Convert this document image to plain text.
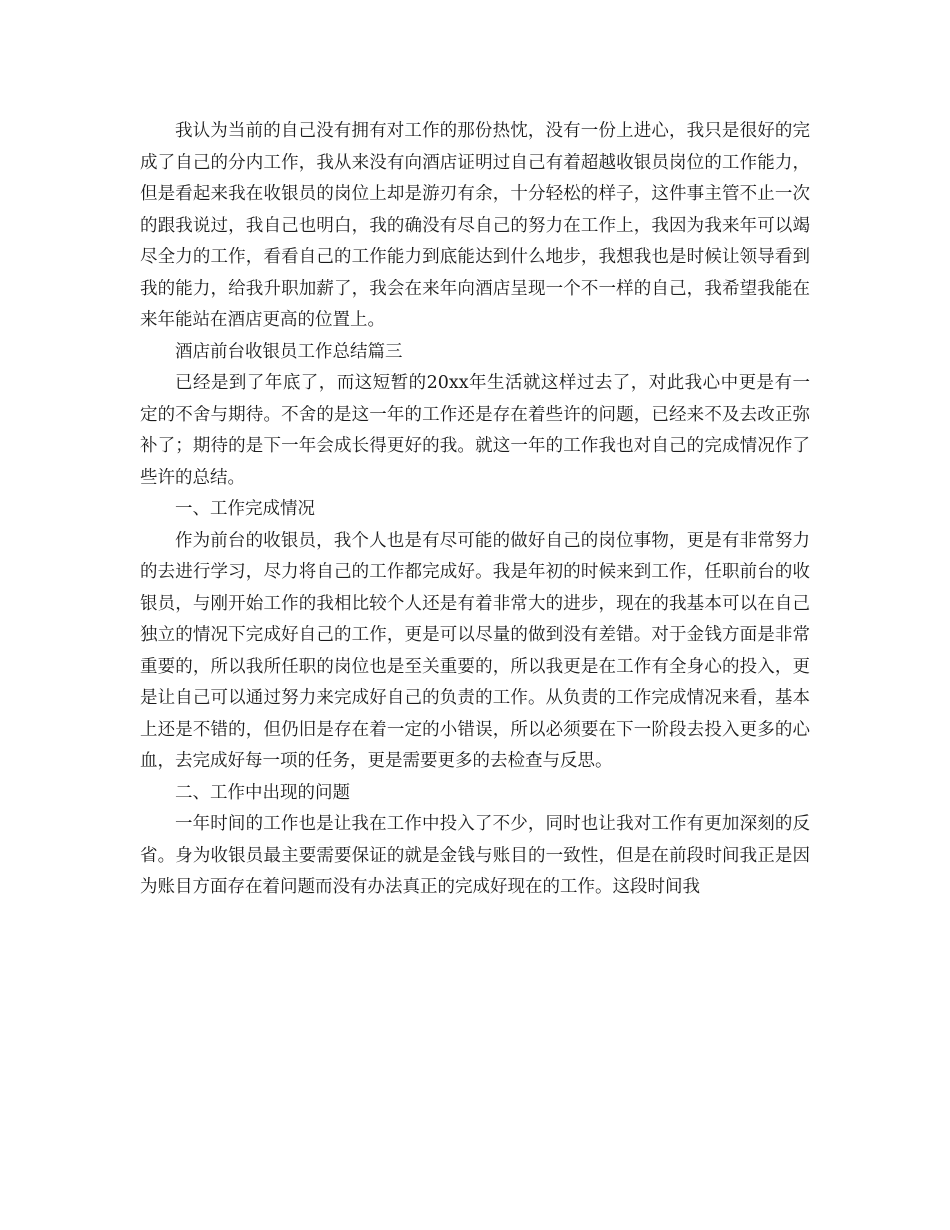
我认为当前的自己没有拥有对工作的那份热忱，没有一份上进心，我只是很好的完成了自己的分内工作，我从来没有向酒店证明过自己有着超越收银员岗位的工作能力，但是看起来我在收银员的岗位上却是游刃有余，十分轻松的样子，这件事主管不止一次的跟我说过，我自己也明白，我的确没有尽自己的努力在工作上，我因为我来年可以竭尽全力的工作，看看自己的工作能力到底能达到什么地步，我想我也是时候让领导看到我的能力，给我升职加薪了，我会在来年向酒店呈现一个不一样的自己，我希望我能在来年能站在酒店更高的位置上。

酒店前台收银员工作总结篇三

已经是到了年底了，而这短暂的20xx年生活就这样过去了，对此我心中更是有一定的不舍与期待。不舍的是这一年的工作还是存在着些许的问题，已经来不及去改正弥补了；期待的是下一年会成长得更好的我。就这一年的工作我也对自己的完成情况作了些许的总结。

一、工作完成情况

作为前台的收银员，我个人也是有尽可能的做好自己的岗位事物，更是有非常努力的去进行学习，尽力将自己的工作都完成好。我是年初的时候来到工作，任职前台的收银员，与刚开始工作的我相比较个人还是有着非常大的进步，现在的我基本可以在自己独立的情况下完成好自己的工作，更是可以尽量的做到没有差错。对于金钱方面是非常重要的，所以我所任职的岗位也是至关重要的，所以我更是在工作有全身心的投入，更是让自己可以通过努力来完成好自己的负责的工作。从负责的工作完成情况来看，基本上还是不错的，但仍旧是存在着一定的小错误，所以必须要在下一阶段去投入更多的心血，去完成好每一项的任务，更是需要更多的去检查与反思。

二、工作中出现的问题

一年时间的工作也是让我在工作中投入了不少，同时也让我对工作有更加深刻的反省。身为收银员最主要需要保证的就是金钱与账目的一致性，但是在前段时间我正是因为账目方面存在着问题而没有办法真正的完成好现在的工作。这段时间我
